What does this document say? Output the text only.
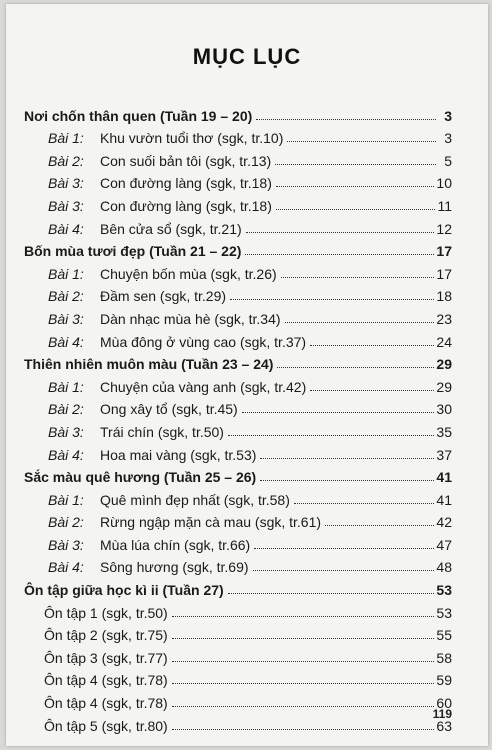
MỤC LỤC
Nơi chốn thân quen (Tuần 19 – 20)	3
Bài 1:	Khu vườn tuổi thơ (sgk, tr.10)	3
Bài 2:	Con suối bản tôi (sgk, tr.13)	5
Bài 3:	Con đường làng (sgk, tr.18)	10
Bài 3:	Con đường làng (sgk, tr.18)	11
Bài 4:	Bên cửa sổ (sgk, tr.21)	12
Bốn mùa tươi đẹp (Tuần 21 – 22)	17
Bài 1:	Chuyện bốn mùa (sgk, tr.26)	17
Bài 2:	Đầm sen (sgk, tr.29)	18
Bài 3:	Dàn nhạc mùa hè (sgk, tr.34)	23
Bài 4:	Mùa đông ở vùng cao (sgk, tr.37)	24
Thiên nhiên muôn màu (Tuần 23 – 24)	29
Bài 1:	Chuyện của vàng anh (sgk, tr.42)	29
Bài 2:	Ong xây tổ (sgk, tr.45)	30
Bài 3:	Trái chín (sgk, tr.50)	35
Bài 4:	Hoa mai vàng (sgk, tr.53)	37
Sắc màu quê hương (Tuần 25 – 26)	41
Bài 1:	Quê mình đẹp nhất (sgk, tr.58)	41
Bài 2:	Rừng ngập mặn cà mau (sgk, tr.61)	42
Bài 3:	Mùa lúa chín (sgk, tr.66)	47
Bài 4:	Sông hương (sgk, tr.69)	48
Ôn tập giữa học kì ii (Tuần 27)	53
Ôn tập 1 (sgk, tr.50)	53
Ôn tập 2 (sgk, tr.75)	55
Ôn tập 3 (sgk, tr.77)	58
Ôn tập 4 (sgk, tr.78)	59
Ôn tập 4 (sgk, tr.78)	60
Ôn tập 5 (sgk, tr.80)	63
119
